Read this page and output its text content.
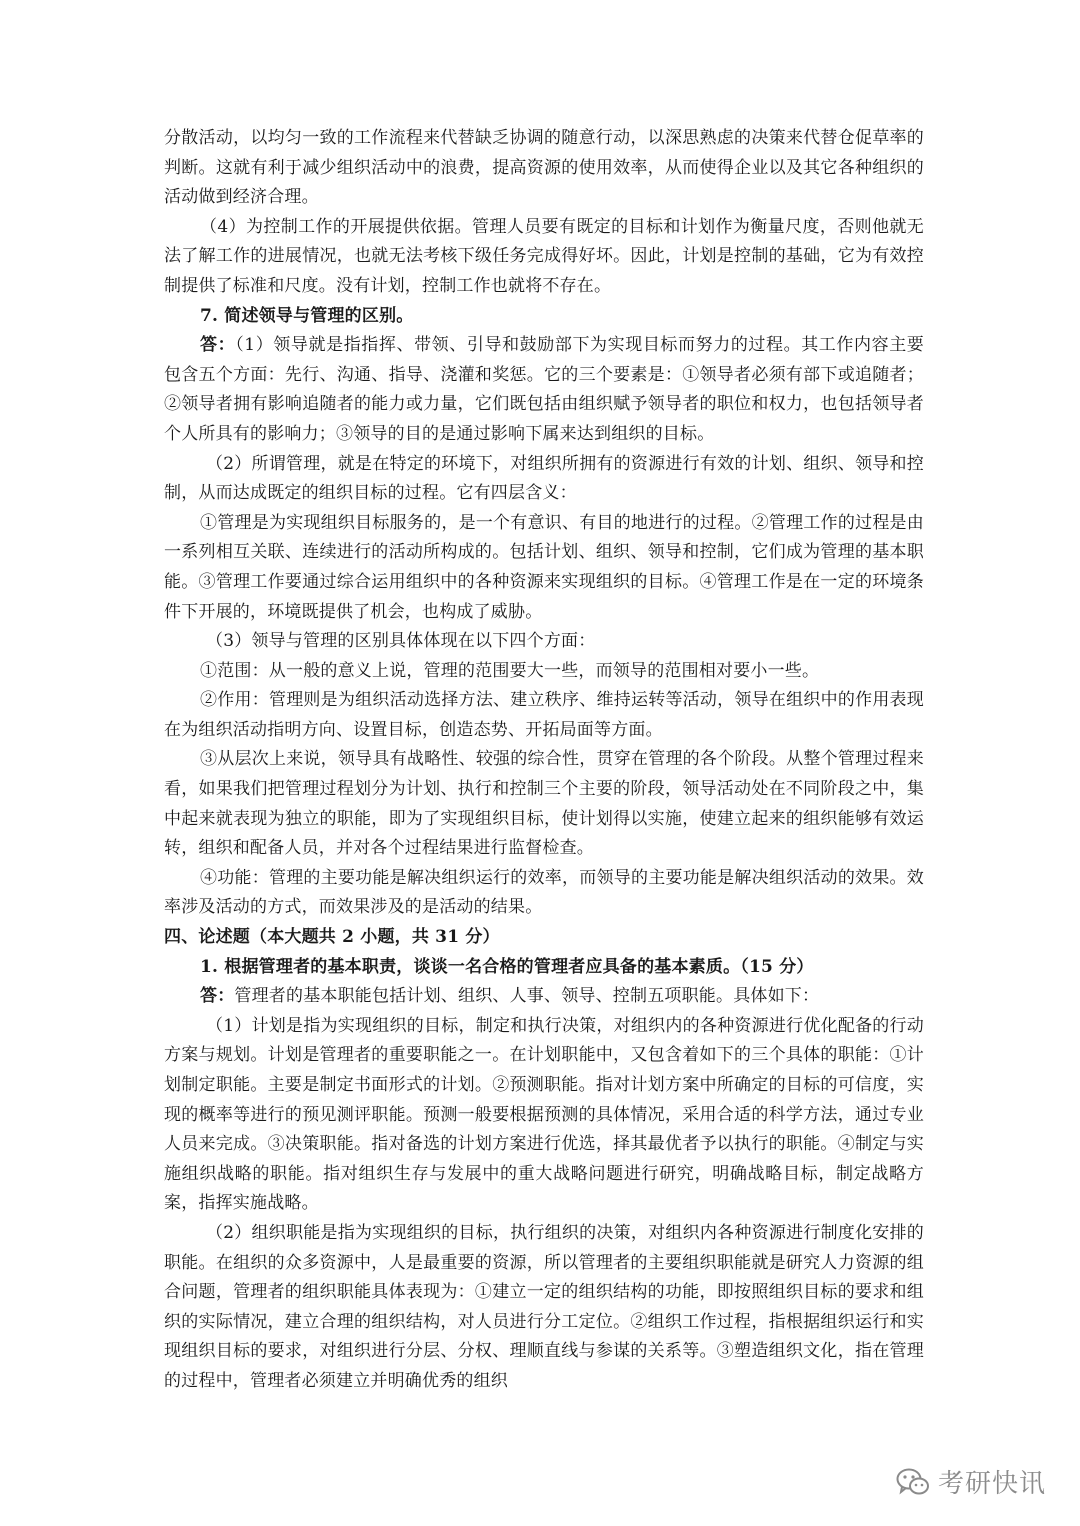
分散活动，以均匀一致的工作流程来代替缺乏协调的随意行动，以深思熟虑的决策来代替仓促草率的判断。这就有利于减少组织活动中的浪费，提高资源的使用效率，从而使得企业以及其它各种组织的活动做到经济合理。

（4）为控制工作的开展提供依据。管理人员要有既定的目标和计划作为衡量尺度，否则他就无法了解工作的进展情况，也就无法考核下级任务完成得好坏。因此，计划是控制的基础，它为有效控制提供了标准和尺度。没有计划，控制工作也就将不存在。

7. 简述领导与管理的区别。

答：（1）领导就是指指挥、带领、引导和鼓励部下为实现目标而努力的过程。其工作内容主要包含五个方面：先行、沟通、指导、浇灌和奖惩。它的三个要素是：①领导者必须有部下或追随者；②领导者拥有影响追随者的能力或力量，它们既包括由组织赋予领导者的职位和权力，也包括领导者个人所具有的影响力；③领导的目的是通过影响下属来达到组织的目标。

（2）所谓管理，就是在特定的环境下，对组织所拥有的资源进行有效的计划、组织、领导和控制，从而达成既定的组织目标的过程。它有四层含义：

①管理是为实现组织目标服务的，是一个有意识、有目的地进行的过程。②管理工作的过程是由一系列相互关联、连续进行的活动所构成的。包括计划、组织、领导和控制，它们成为管理的基本职能。③管理工作要通过综合运用组织中的各种资源来实现组织的目标。④管理工作是在一定的环境条件下开展的，环境既提供了机会，也构成了威胁。

（3）领导与管理的区别具体体现在以下四个方面：

①范围：从一般的意义上说，管理的范围要大一些，而领导的范围相对要小一些。

②作用：管理则是为组织活动选择方法、建立秩序、维持运转等活动，领导在组织中的作用表现在为组织活动指明方向、设置目标，创造态势、开拓局面等方面。

③从层次上来说，领导具有战略性、较强的综合性，贯穿在管理的各个阶段。从整个管理过程来看，如果我们把管理过程划分为计划、执行和控制三个主要的阶段，领导活动处在不同阶段之中，集中起来就表现为独立的职能，即为了实现组织目标，使计划得以实施，使建立起来的组织能够有效运转，组织和配备人员，并对各个过程结果进行监督检查。

④功能：管理的主要功能是解决组织运行的效率，而领导的主要功能是解决组织活动的效果。效率涉及活动的方式，而效果涉及的是活动的结果。

四、论述题（本大题共 2 小题，共 31 分）

1. 根据管理者的基本职责，谈谈一名合格的管理者应具备的基本素质。（15 分）

答：管理者的基本职能包括计划、组织、人事、领导、控制五项职能。具体如下：

（1）计划是指为实现组织的目标，制定和执行决策，对组织内的各种资源进行优化配备的行动方案与规划。计划是管理者的重要职能之一。在计划职能中，又包含着如下的三个具体的职能：①计划制定职能。主要是制定书面形式的计划。②预测职能。指对计划方案中所确定的目标的可信度，实现的概率等进行的预见测评职能。预测一般要根据预测的具体情况，采用合适的科学方法，通过专业人员来完成。③决策职能。指对备选的计划方案进行优选，择其最优者予以执行的职能。④制定与实施组织战略的职能。指对组织生存与发展中的重大战略问题进行研究，明确战略目标，制定战略方案，指挥实施战略。

（2）组织职能是指为实现组织的目标，执行组织的决策，对组织内各种资源进行制度化安排的职能。在组织的众多资源中，人是最重要的资源，所以管理者的主要组织职能就是研究人力资源的组合问题，管理者的组织职能具体表现为：①建立一定的组织结构的功能，即按照组织目标的要求和组织的实际情况，建立合理的组织结构，对人员进行分工定位。②组织工作过程，指根据组织运行和实现组织目标的要求，对组织进行分层、分权、理顺直线与参谋的关系等。③塑造组织文化，指在管理的过程中，管理者必须建立并明确优秀的组织

考研快讯
